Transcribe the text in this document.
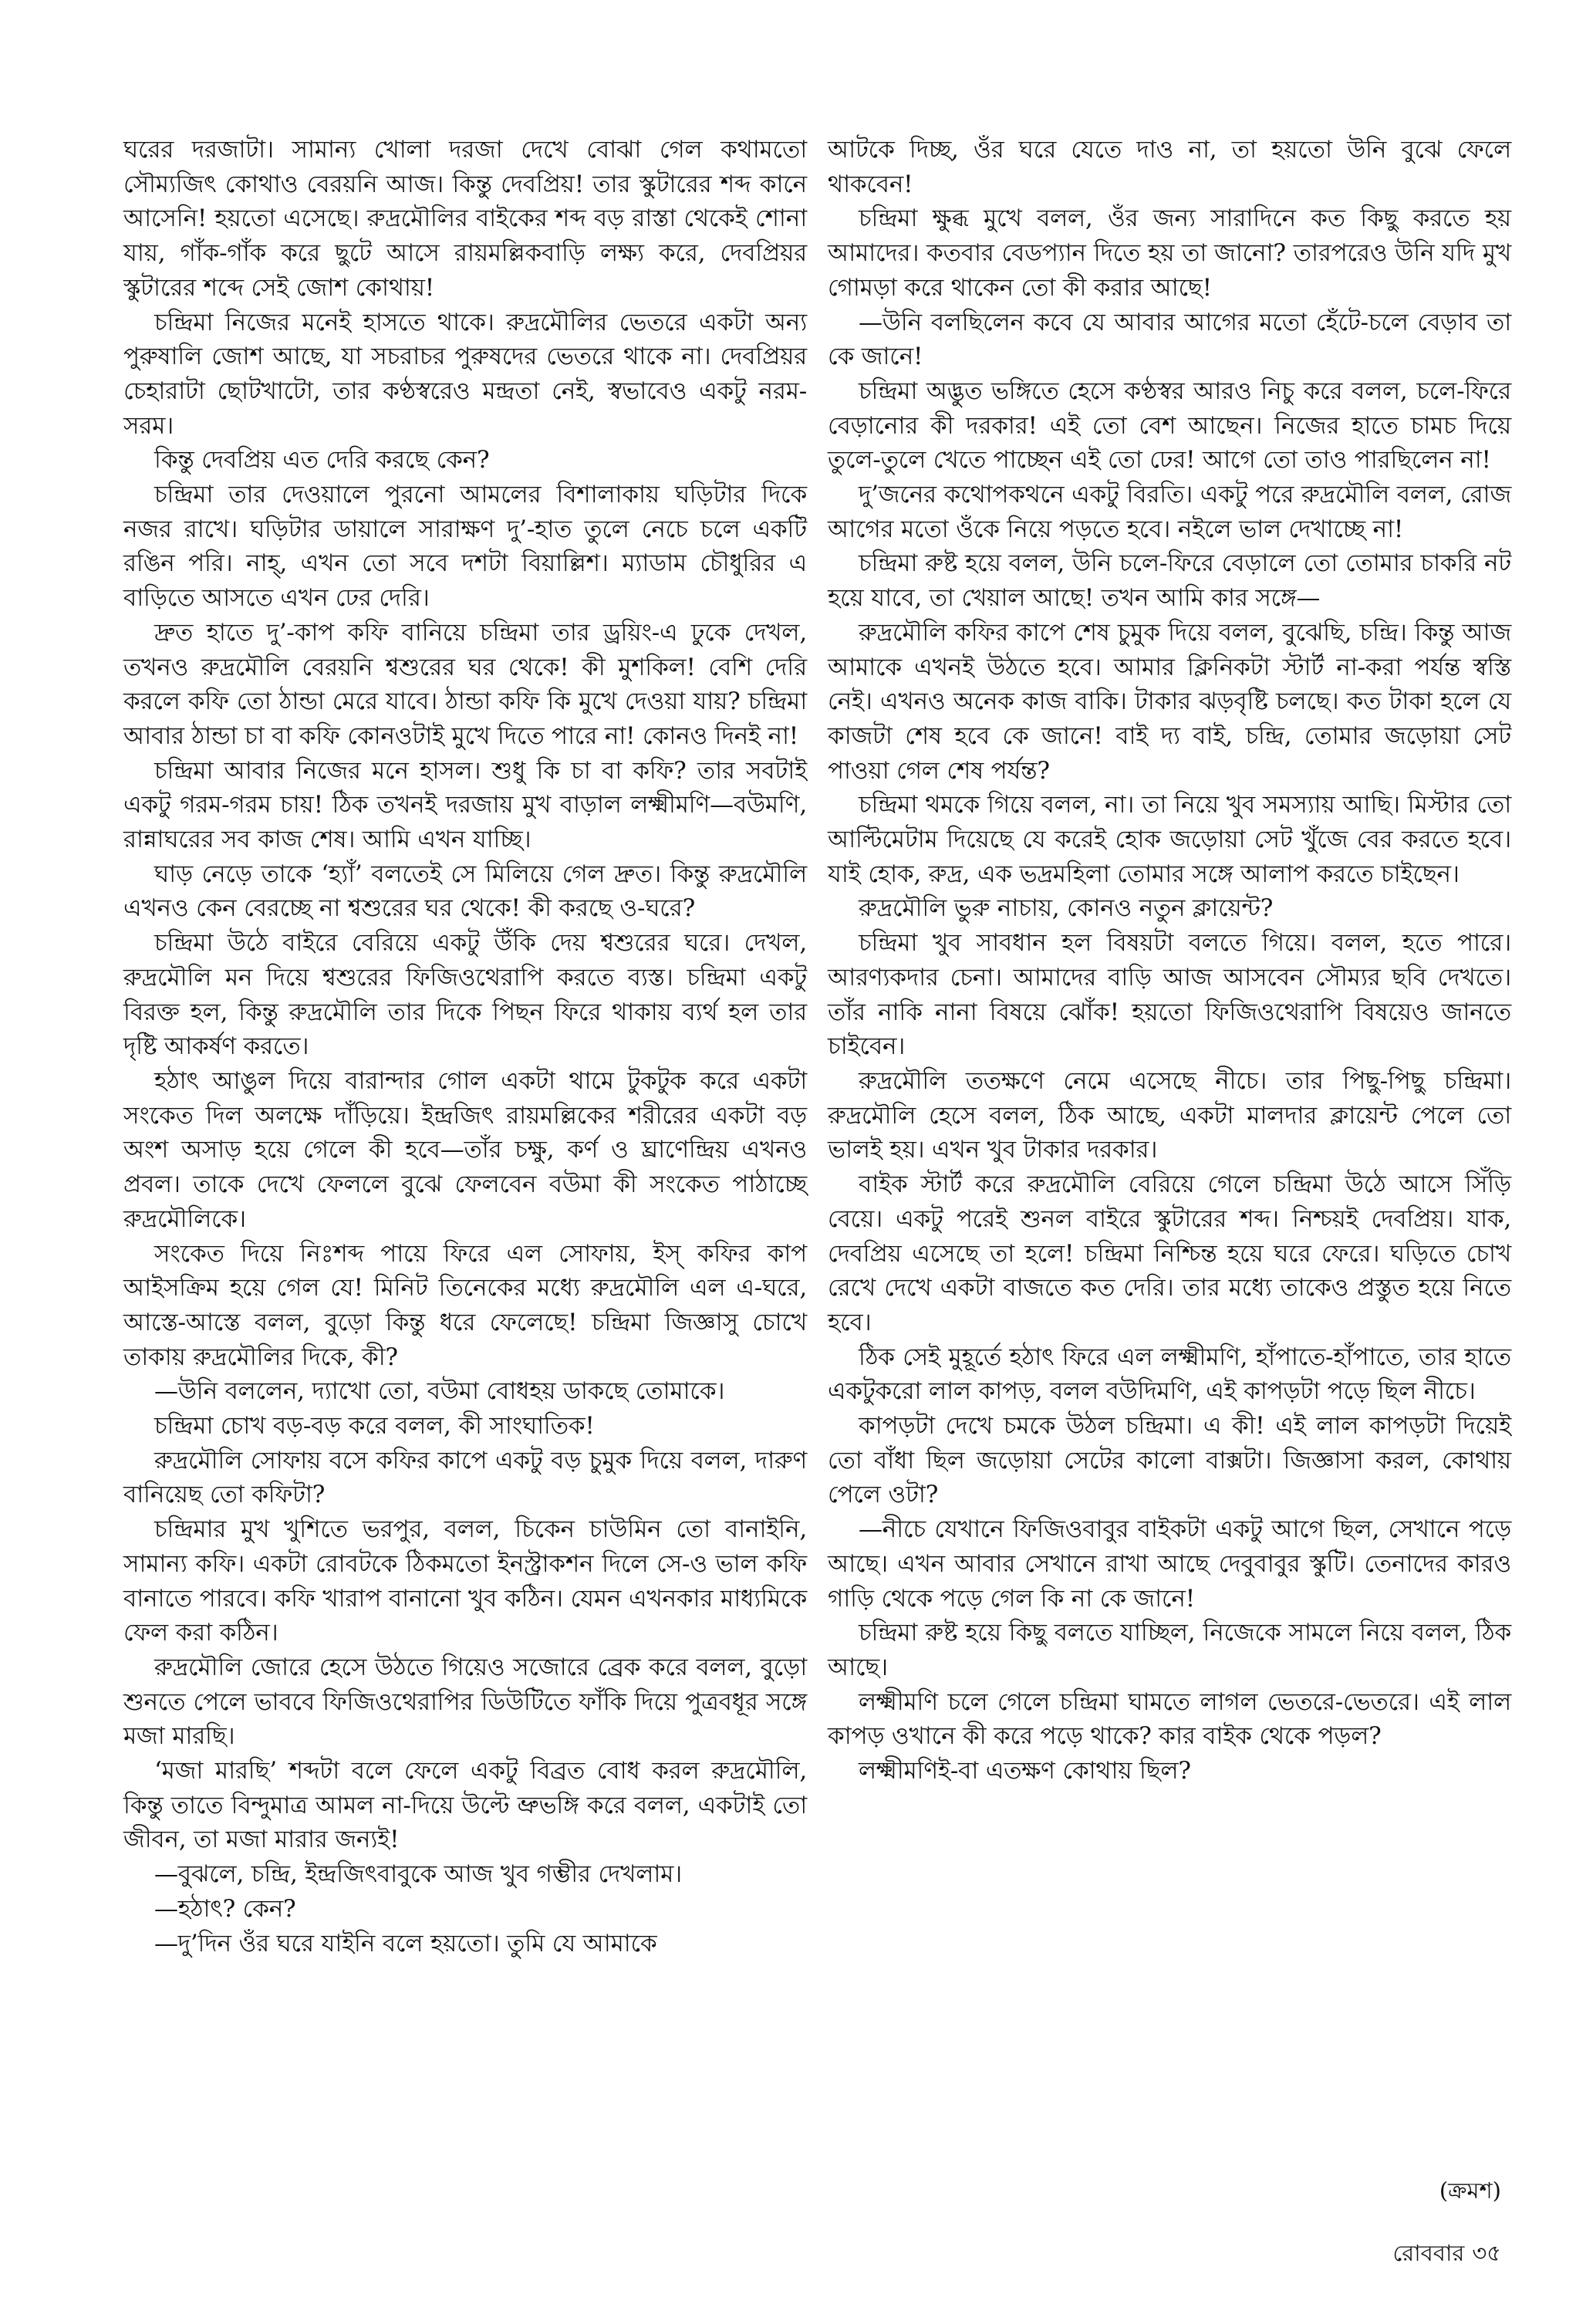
ঘরের দরজাটা। সামান্য খোলা দরজা দেখে বোঝা গেল কথামতো সৌম্যজিৎ কোথাও বেরয়নি আজ। কিন্তু দেবপ্রিয়! তার স্কুটারের শব্দ কানে আসেনি! হয়তো এসেছে। রুদ্রমৌলির বাইকের শব্দ বড় রাস্তা থেকেই শোনা যায়, গাঁক-গাঁক করে ছুটে আসে রায়মল্লিকবাড়ি লক্ষ্য করে, দেবপ্রিয়র স্কুটারের শব্দে সেই জোশ কোথায়!

চন্দ্রিমা নিজের মনেই হাসতে থাকে। রুদ্রমৌলির ভেতরে একটা অন্য পুরুষালি জোশ আছে, যা সচরাচর পুরুষদের ভেতরে থাকে না। দেবপ্রিয়র চেহারাটা ছোটখাটো, তার কণ্ঠস্বরেও মন্দ্রতা নেই, স্বভাবেও একটু নরম-সরম।

কিন্তু দেবপ্রিয় এত দেরি করছে কেন?

চন্দ্রিমা তার দেওয়ালে পুরনো আমলের বিশালাকায় ঘড়িটার দিকে নজর রাখে। ঘড়িটার ডায়ালে সারাক্ষণ দু’-হাত তুলে নেচে চলে একটি রঙিন পরি। নাহ্, এখন তো সবে দশটা বিয়াল্লিশ। ম্যাডাম চৌধুরির এ বাড়িতে আসতে এখন ঢের দেরি।

দ্রুত হাতে দু’-কাপ কফি বানিয়ে চন্দ্রিমা তার ড্রয়িং-এ ঢুকে দেখল, তখনও রুদ্রমৌলি বেরয়নি শ্বশুরের ঘর থেকে! কী মুশকিল! বেশি দেরি করলে কফি তো ঠান্ডা মেরে যাবে। ঠান্ডা কফি কি মুখে দেওয়া যায়? চন্দ্রিমা আবার ঠান্ডা চা বা কফি কোনওটাই মুখে দিতে পারে না! কোনও দিনই না!

চন্দ্রিমা আবার নিজের মনে হাসল। শুধু কি চা বা কফি? তার সবটাই একটু গরম-গরম চায়! ঠিক তখনই দরজায় মুখ বাড়াল লক্ষ্মীমণি—বউমণি, রান্নাঘরের সব কাজ শেষ। আমি এখন যাচ্ছি।

ঘাড় নেড়ে তাকে ‘হ্যাঁ’ বলতেই সে মিলিয়ে গেল দ্রুত। কিন্তু রুদ্রমৌলি এখনও কেন বেরচ্ছে না শ্বশুরের ঘর থেকে! কী করছে ও-ঘরে?

চন্দ্রিমা উঠে বাইরে বেরিয়ে একটু উঁকি দেয় শ্বশুরের ঘরে। দেখল, রুদ্রমৌলি মন দিয়ে শ্বশুরের ফিজিওথেরাপি করতে ব্যস্ত। চন্দ্রিমা একটু বিরক্ত হল, কিন্তু রুদ্রমৌলি তার দিকে পিছন ফিরে থাকায় ব্যর্থ হল তার দৃষ্টি আকর্ষণ করতে।

হঠাৎ আঙুল দিয়ে বারান্দার গোল একটা থামে টুকটুক করে একটা সংকেত দিল অলক্ষে দাঁড়িয়ে। ইন্দ্রজিৎ রায়মল্লিকের শরীরের একটা বড় অংশ অসাড় হয়ে গেলে কী হবে—তাঁর চক্ষু, কর্ণ ও ঘ্রাণেন্দ্রিয় এখনও প্রবল। তাকে দেখে ফেললে বুঝে ফেলবেন বউমা কী সংকেত পাঠাচ্ছে রুদ্রমৌলিকে।

সংকেত দিয়ে নিঃশব্দ পায়ে ফিরে এল সোফায়, ইস্ কফির কাপ আইসক্রিম হয়ে গেল যে! মিনিট তিনেকের মধ্যে রুদ্রমৌলি এল এ-ঘরে, আস্তে-আস্তে বলল, বুড়ো কিন্তু ধরে ফেলেছে! চন্দ্রিমা জিজ্ঞাসু চোখে তাকায় রুদ্রমৌলির দিকে, কী?

—উনি বললেন, দ্যাখো তো, বউমা বোধহয় ডাকছে তোমাকে।

চন্দ্রিমা চোখ বড়-বড় করে বলল, কী সাংঘাতিক!

রুদ্রমৌলি সোফায় বসে কফির কাপে একটু বড় চুমুক দিয়ে বলল, দারুণ বানিয়েছ তো কফিটা?

চন্দ্রিমার মুখ খুশিতে ভরপুর, বলল, চিকেন চাউমিন তো বানাইনি, সামান্য কফি। একটা রোবটকে ঠিকমতো ইনস্ট্রাকশন দিলে সে-ও ভাল কফি বানাতে পারবে। কফি খারাপ বানানো খুব কঠিন। যেমন এখনকার মাধ্যমিকে ফেল করা কঠিন।

রুদ্রমৌলি জোরে হেসে উঠতে গিয়েও সজোরে ব্রেক করে বলল, বুড়ো শুনতে পেলে ভাববে ফিজিওথেরাপির ডিউটিতে ফাঁকি দিয়ে পুত্রবধূর সঙ্গে মজা মারছি।

‘মজা মারছি’ শব্দটা বলে ফেলে একটু বিব্রত বোধ করল রুদ্রমৌলি, কিন্তু তাতে বিন্দুমাত্র আমল না-দিয়ে উল্টে ভ্রুভঙ্গি করে বলল, একটাই তো জীবন, তা মজা মারার জন্যই!

—বুঝলে, চন্দ্রি, ইন্দ্রজিৎবাবুকে আজ খুব গম্ভীর দেখলাম।

—হঠাৎ? কেন?

—দু’দিন ওঁর ঘরে যাইনি বলে হয়তো। তুমি যে আমাকে

আটকে দিচ্ছ, ওঁর ঘরে যেতে দাও না, তা হয়তো উনি বুঝে ফেলে থাকবেন!

চন্দ্রিমা ক্ষুব্ধ মুখে বলল, ওঁর জন্য সারাদিনে কত কিছু করতে হয় আমাদের। কতবার বেডপ্যান দিতে হয় তা জানো? তারপরেও উনি যদি মুখ গোমড়া করে থাকেন তো কী করার আছে!

—উনি বলছিলেন কবে যে আবার আগের মতো হেঁটে-চলে বেড়াব তা কে জানে!

চন্দ্রিমা অদ্ভুত ভঙ্গিতে হেসে কণ্ঠস্বর আরও নিচু করে বলল, চলে-ফিরে বেড়ানোর কী দরকার! এই তো বেশ আছেন। নিজের হাতে চামচ দিয়ে তুলে-তুলে খেতে পাচ্ছেন এই তো ঢের! আগে তো তাও পারছিলেন না!

দু’জনের কথোপকথনে একটু বিরতি। একটু পরে রুদ্রমৌলি বলল, রোজ আগের মতো ওঁকে নিয়ে পড়তে হবে। নইলে ভাল দেখাচ্ছে না!

চন্দ্রিমা রুষ্ট হয়ে বলল, উনি চলে-ফিরে বেড়ালে তো তোমার চাকরি নট হয়ে যাবে, তা খেয়াল আছে! তখন আমি কার সঙ্গে—

রুদ্রমৌলি কফির কাপে শেষ চুমুক দিয়ে বলল, বুঝেছি, চন্দ্রি। কিন্তু আজ আমাকে এখনই উঠতে হবে। আমার ক্লিনিকটা স্টার্ট না-করা পর্যন্ত স্বস্তি নেই। এখনও অনেক কাজ বাকি। টাকার ঝড়বৃষ্টি চলছে। কত টাকা হলে যে কাজটা শেষ হবে কে জানে! বাই দ্য বাই, চন্দ্রি, তোমার জড়োয়া সেট পাওয়া গেল শেষ পর্যন্ত?

চন্দ্রিমা থমকে গিয়ে বলল, না। তা নিয়ে খুব সমস্যায় আছি। মিস্টার তো আল্টিমেটাম দিয়েছে যে করেই হোক জড়োয়া সেট খুঁজে বের করতে হবে। যাই হোক, রুদ্র, এক ভদ্রমহিলা তোমার সঙ্গে আলাপ করতে চাইছেন।

রুদ্রমৌলি ভুরু নাচায়, কোনও নতুন ক্লায়েন্ট?

চন্দ্রিমা খুব সাবধান হল বিষয়টা বলতে গিয়ে। বলল, হতে পারে। আরণ্যকদার চেনা। আমাদের বাড়ি আজ আসবেন সৌম্যর ছবি দেখতে। তাঁর নাকি নানা বিষয়ে ঝোঁক! হয়তো ফিজিওথেরাপি বিষয়েও জানতে চাইবেন।

রুদ্রমৌলি ততক্ষণে নেমে এসেছে নীচে। তার পিছু-পিছু চন্দ্রিমা। রুদ্রমৌলি হেসে বলল, ঠিক আছে, একটা মালদার ক্লায়েন্ট পেলে তো ভালই হয়। এখন খুব টাকার দরকার।

বাইক স্টার্ট করে রুদ্রমৌলি বেরিয়ে গেলে চন্দ্রিমা উঠে আসে সিঁড়ি বেয়ে। একটু পরেই শুনল বাইরে স্কুটারের শব্দ। নিশ্চয়ই দেবপ্রিয়। যাক, দেবপ্রিয় এসেছে তা হলে! চন্দ্রিমা নিশ্চিন্ত হয়ে ঘরে ফেরে। ঘড়িতে চোখ রেখে দেখে একটা বাজতে কত দেরি। তার মধ্যে তাকেও প্রস্তুত হয়ে নিতে হবে।

ঠিক সেই মুহূর্তে হঠাৎ ফিরে এল লক্ষ্মীমণি, হাঁপাতে-হাঁপাতে, তার হাতে একটুকরো লাল কাপড়, বলল বউদিমণি, এই কাপড়টা পড়ে ছিল নীচে।

কাপড়টা দেখে চমকে উঠল চন্দ্রিমা। এ কী! এই লাল কাপড়টা দিয়েই তো বাঁধা ছিল জড়োয়া সেটের কালো বাক্সটা। জিজ্ঞাসা করল, কোথায় পেলে ওটা?

—নীচে যেখানে ফিজিওবাবুর বাইকটা একটু আগে ছিল, সেখানে পড়ে আছে। এখন আবার সেখানে রাখা আছে দেবুবাবুর স্কুটি। তেনাদের কারও গাড়ি থেকে পড়ে গেল কি না কে জানে!

চন্দ্রিমা রুষ্ট হয়ে কিছু বলতে যাচ্ছিল, নিজেকে সামলে নিয়ে বলল, ঠিক আছে।

লক্ষ্মীমণি চলে গেলে চন্দ্রিমা ঘামতে লাগল ভেতরে-ভেতরে। এই লাল কাপড় ওখানে কী করে পড়ে থাকে? কার বাইক থেকে পড়ল?

লক্ষ্মীমণিই-বা এতক্ষণ কোথায় ছিল?

(ক্রমশ)

রোববার ৩৫
